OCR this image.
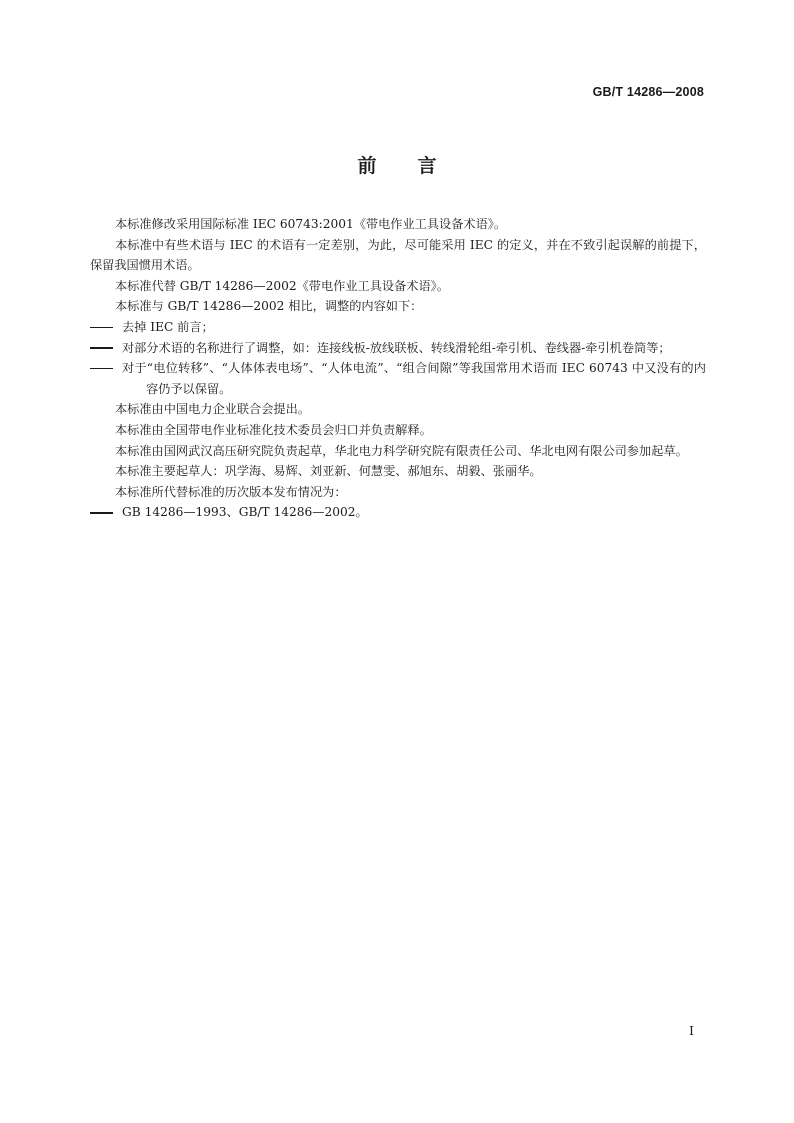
GB/T 14286—2008
前言

本标准修改采用国际标准 IEC 60743:2001《带电作业工具设备术语》。

本标准中有些术语与 IEC 的术语有一定差别，为此，尽可能采用 IEC 的定义，并在不致引起误解的前提下，保留我国惯用术语。

本标准代替 GB/T 14286—2002《带电作业工具设备术语》。

本标准与 GB/T 14286—2002 相比，调整的内容如下：

去掉 IEC 前言；
对部分术语的名称进行了调整，如：连接线板-放线联板、转线滑轮组-牵引机、卷线器-牵引机卷筒等；
对于“电位转移”、“人体体表电场”、“人体电流”、“组合间隙”等我国常用术语而 IEC 60743 中又没有的内容仍予以保留。

本标准由中国电力企业联合会提出。

本标准由全国带电作业标准化技术委员会归口并负责解释。

本标准由国网武汉高压研究院负责起草，华北电力科学研究院有限责任公司、华北电网有限公司参加起草。

本标准主要起草人：巩学海、易辉、刘亚新、何慧雯、郝旭东、胡毅、张丽华。

本标准所代替标准的历次版本发布情况为：

GB 14286—1993、GB/T 14286—2002。
I
